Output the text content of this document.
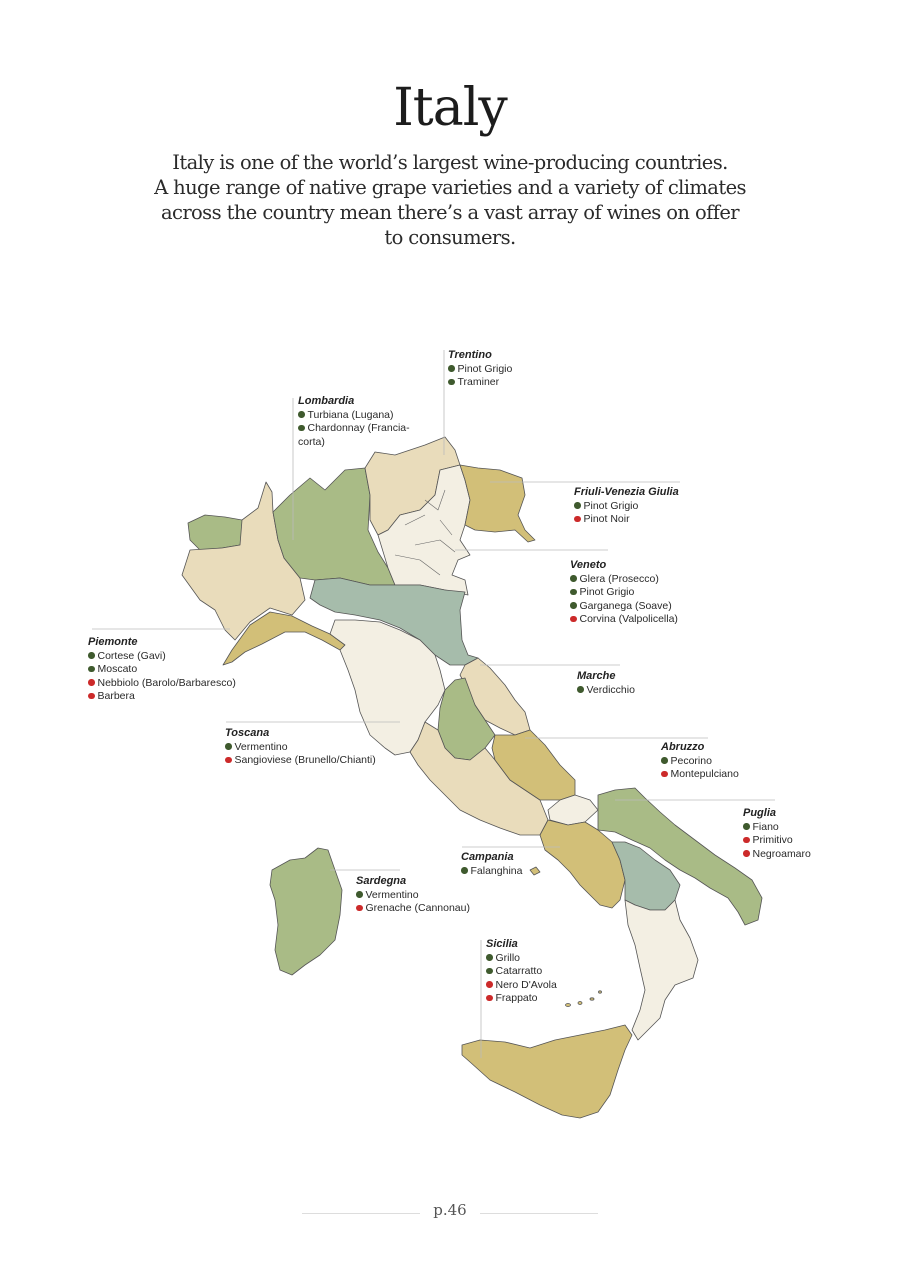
Italy

Italy is one of the world’s largest wine-producing countries.
A huge range of native grape varieties and a variety of climates
across the country mean there’s a vast array of wines on offer
to consumers.

Trentino
Pinot Grigio
Traminer
Lombardia
Turbiana (Lugana)
Chardonnay (Francia-
corta)
Friuli-Venezia Giulia
Pinot Grigio
Pinot Noir
Veneto
Glera (Prosecco)
Pinot Grigio
Garganega (Soave)
Corvina (Valpolicella)
Piemonte
Cortese (Gavi)
Moscato
Nebbiolo (Barolo/Barbaresco)
Barbera
Marche
Verdicchio
Toscana
Vermentino
Sangioviese (Brunello/Chianti)
Abruzzo
Pecorino
Montepulciano
Puglia
Fiano
Primitivo
Negroamaro
Campania
Falanghina
Sardegna
Vermentino
Grenache (Cannonau)
Sicilia
Grillo
Catarratto
Nero D'Avola
Frappato
p.46
